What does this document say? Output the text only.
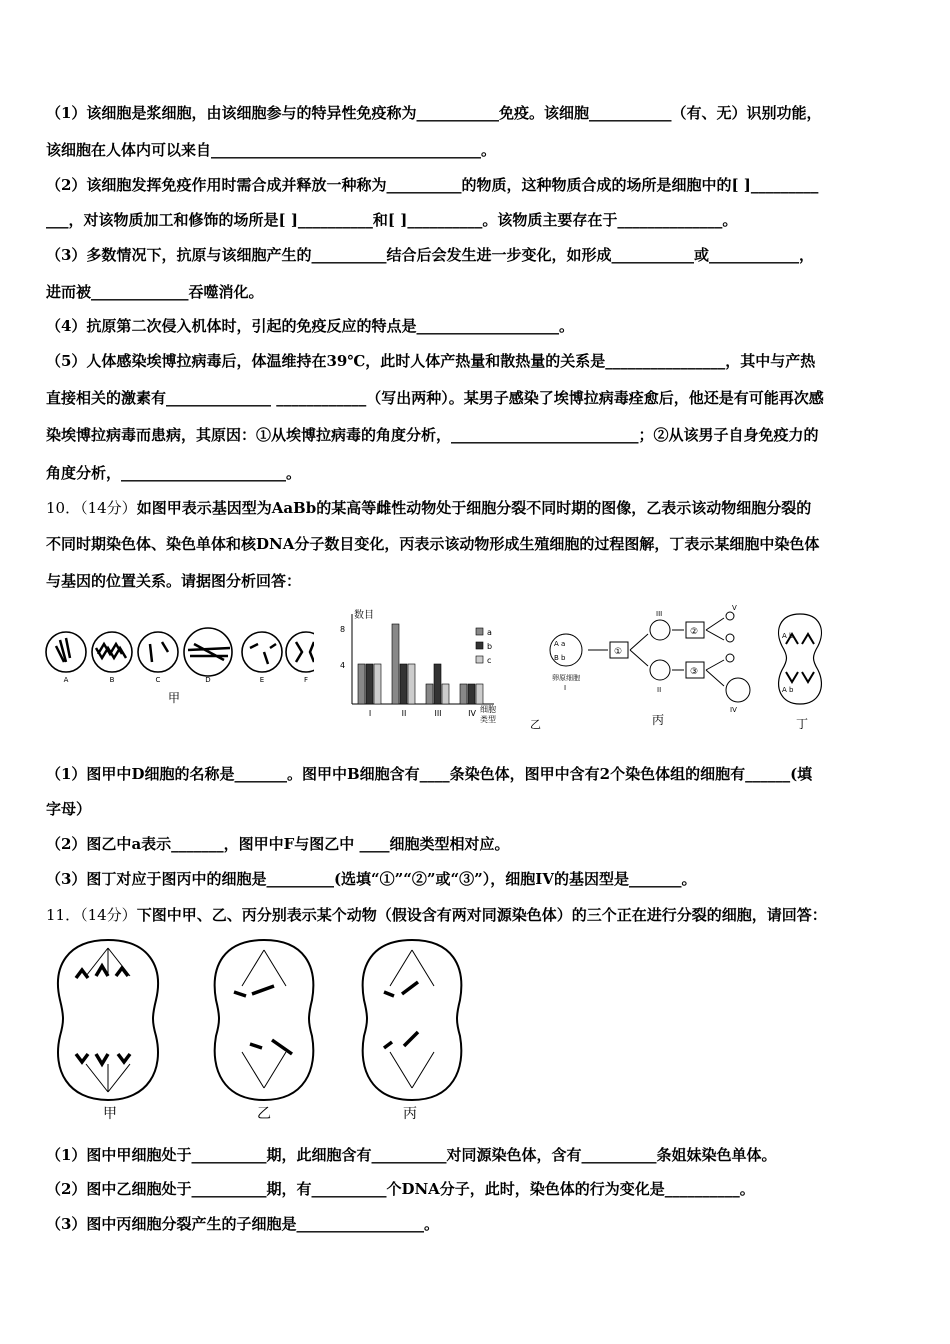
（1）该细胞是浆细胞，由该细胞参与的特异性免疫称为___________免疫。该细胞___________（有、无）识别功能，
该细胞在人体内可以来自____________________________________。
（2）该细胞发挥免疫作用时需合成并释放一种称为__________的物质，这种物质合成的场所是细胞中的[ ]_________
___，对该物质加工和修饰的场所是[ ]__________和[ ]__________。该物质主要存在于______________。
（3）多数情况下，抗原与该细胞产生的__________结合后会发生进一步变化，如形成___________或____________，
进而被_____________吞噬消化。
（4）抗原第二次侵入机体时，引起的免疫反应的特点是___________________。
（5）人体感染埃博拉病毒后，体温维持在39℃，此时人体产热量和散热量的关系是________________，其中与产热
直接相关的激素有______________ ____________（写出两种）。某男子感染了埃博拉病毒痊愈后，他还是有可能再次感
染埃博拉病毒而患病，其原因：①从埃博拉病毒的角度分析，_________________________；②从该男子自身免疫力的
角度分析，______________________。
10．（14分）如图甲表示基因型为AaBb的某高等雌性动物处于细胞分裂不同时期的图像，乙表示该动物细胞分裂的
不同时期染色体、染色单体和核DNA分子数目变化，丙表示该动物形成生殖细胞的过程图解，丁表示某细胞中染色体
与基因的位置关系。请据图分析回答：
A	B	C	D	E	F
甲
数目
8
4
I	II	III	IV 细胞
类型
a
b
c
乙
A a
B b
卵原细胞
I	II
III
IV
V
①
②
③
丙
A b
A b
丁
（1）图甲中D细胞的名称是_______。图甲中B细胞含有____条染色体，图甲中含有2个染色体组的细胞有______(填
字母）
（2）图乙中a表示_______，图甲中F与图乙中 ____细胞类型相对应。
（3）图丁对应于图丙中的细胞是_________(选填“①”“②”或“③”），细胞IV的基因型是_______。
11．（14分）下图中甲、乙、丙分别表示某个动物（假设含有两对同源染色体）的三个正在进行分裂的细胞，请回答：
甲	乙	丙
（1）图中甲细胞处于__________期，此细胞含有__________对同源染色体，含有__________条姐妹染色单体。
（2）图中乙细胞处于__________期，有__________个DNA分子，此时，染色体的行为变化是__________。
（3）图中丙细胞分裂产生的子细胞是_________________。
